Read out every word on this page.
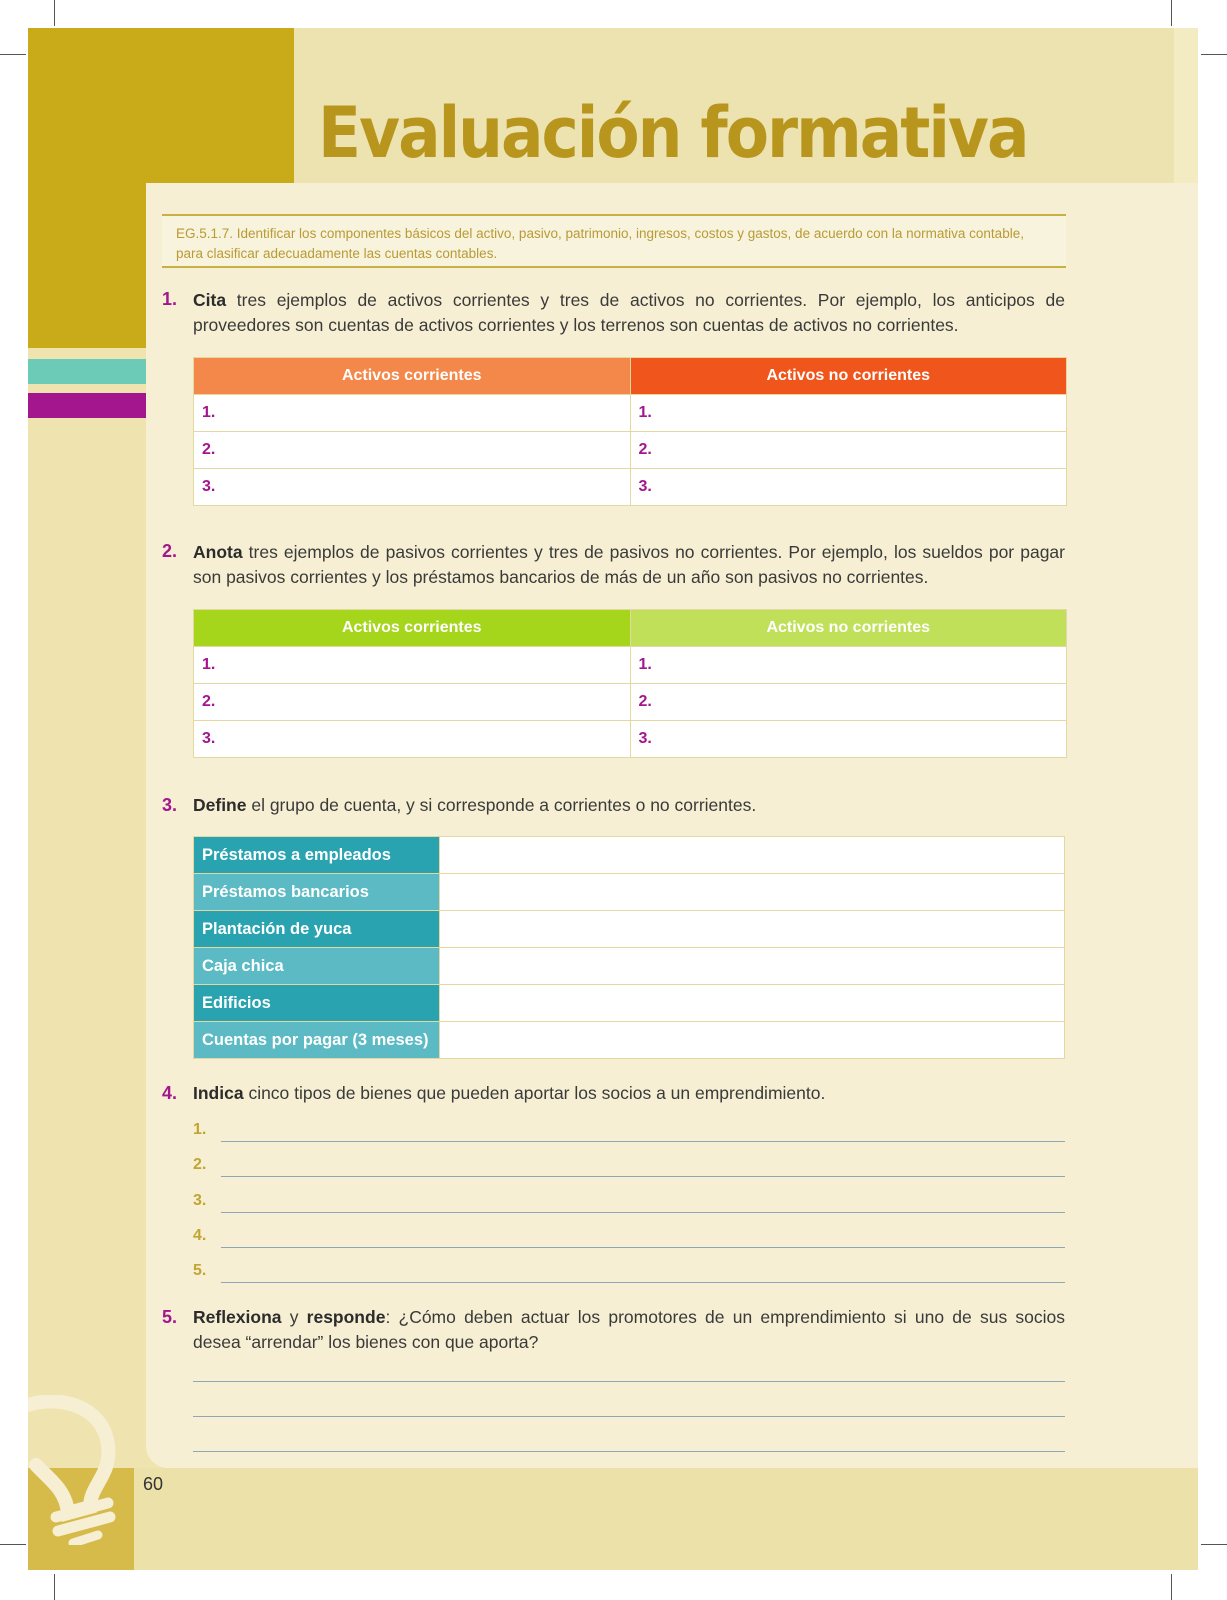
Evaluación formativa
60
EG.5.1.7. Identificar los componentes básicos del activo, pasivo, patrimonio, ingresos, costos y gastos, de acuerdo con la normativa contable, para clasificar adecuadamente las cuentas contables.
1. Cita tres ejemplos de activos corrientes y tres de activos no corrientes. Por ejemplo, los anticipos de proveedores son cuentas de activos corrientes y los terrenos son cuentas de activos no corrientes.
Activos corrientes	Activos no corrientes
1.	1.
2.	2.
3.	3.
2. Anota tres ejemplos de pasivos corrientes y tres de pasivos no corrientes. Por ejemplo, los sueldos por pagar son pasivos corrientes y los préstamos bancarios de más de un año son pasivos no corrientes.
Activos corrientes	Activos no corrientes
1.	1.
2.	2.
3.	3.
3. Define el grupo de cuenta, y si corresponde a corrientes o no corrientes.
Préstamos a empleados	
Préstamos bancarios	
Plantación de yuca	
Caja chica	
Edificios	
Cuentas por pagar (3 meses)	
4. Indica cinco tipos de bienes que pueden aportar los socios a un emprendimiento.
1.
2.
3.
4.
5.
5. Reflexiona y responde: ¿Cómo deben actuar los promotores de un emprendimiento si uno de sus socios desea “arrendar” los bienes con que aporta?
